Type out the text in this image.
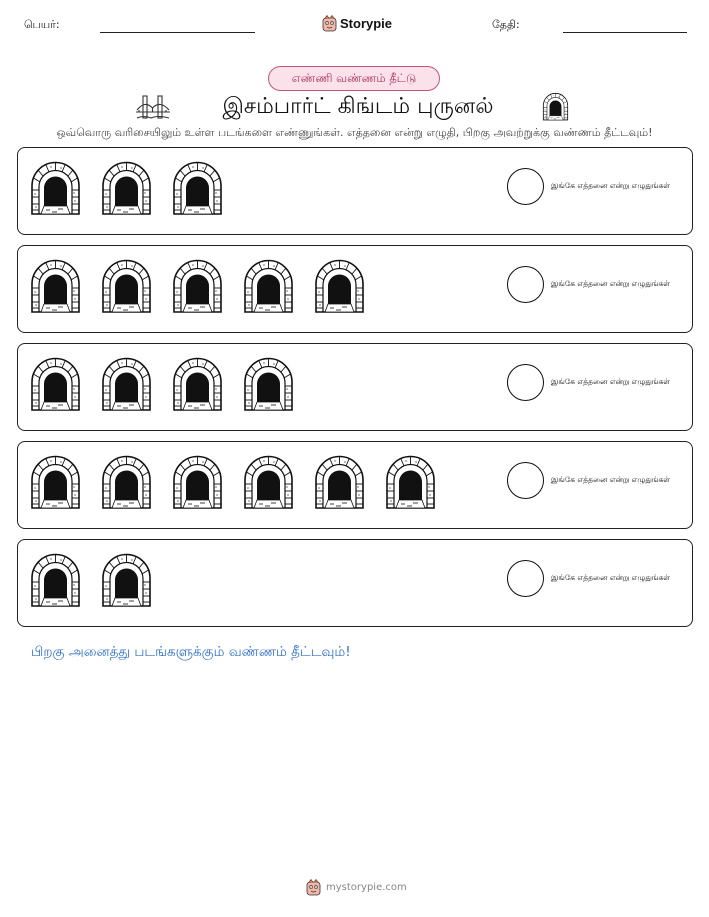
பெயர்:	Storypie	தேதி:
எண்ணி வண்ணம் தீட்டு
இசம்பார்ட் கிங்டம் புருனல்
ஒவ்வொரு வரிசையிலும் உள்ள படங்களை எண்ணுங்கள். எத்தனை என்று எழுதி, பிறகு அவற்றுக்கு வண்ணம் தீட்டவும்!
இங்கே எத்தனை என்று எழுதுங்கள்
இங்கே எத்தனை என்று எழுதுங்கள்
இங்கே எத்தனை என்று எழுதுங்கள்
இங்கே எத்தனை என்று எழுதுங்கள்
இங்கே எத்தனை என்று எழுதுங்கள்
பிறகு அனைத்து படங்களுக்கும் வண்ணம் தீட்டவும்!
mystorypie.com
